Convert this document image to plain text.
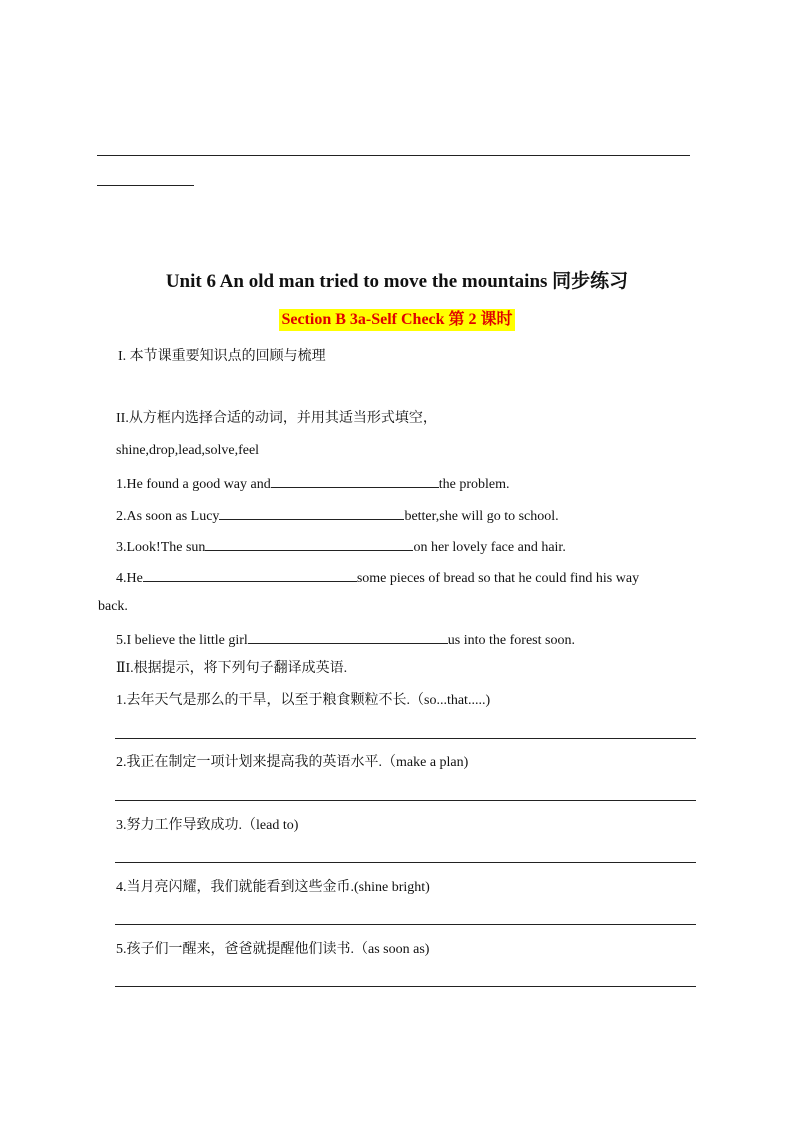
Unit 6 An old man tried to move the mountains 同步练习
Section B 3a-Self Check 第 2 课时
I. 本节课重要知识点的回顾与梳理
II.从方框内选择合适的动词，并用其适当形式填空，
shine,drop,lead,solve,feel
1.He found a good way and	the problem.
2.As soon as Lucy	better,she will go to school.
3.Look!The sun	on her lovely face and hair.
4.He	some pieces of bread so that he could find his way
back.
5.I believe the little girl	us into the forest soon.
ⅡI.根据提示，将下列句子翻译成英语.
1.去年天气是那么的干旱，以至于粮食颗粒不长.（so...that.....)
2.我正在制定一项计划来提高我的英语水平.（make a plan)
3.努力工作导致成功.（lead to)
4.当月亮闪耀，我们就能看到这些金币.(shine bright)
5.孩子们一醒来，爸爸就提醒他们读书.（as soon as)
